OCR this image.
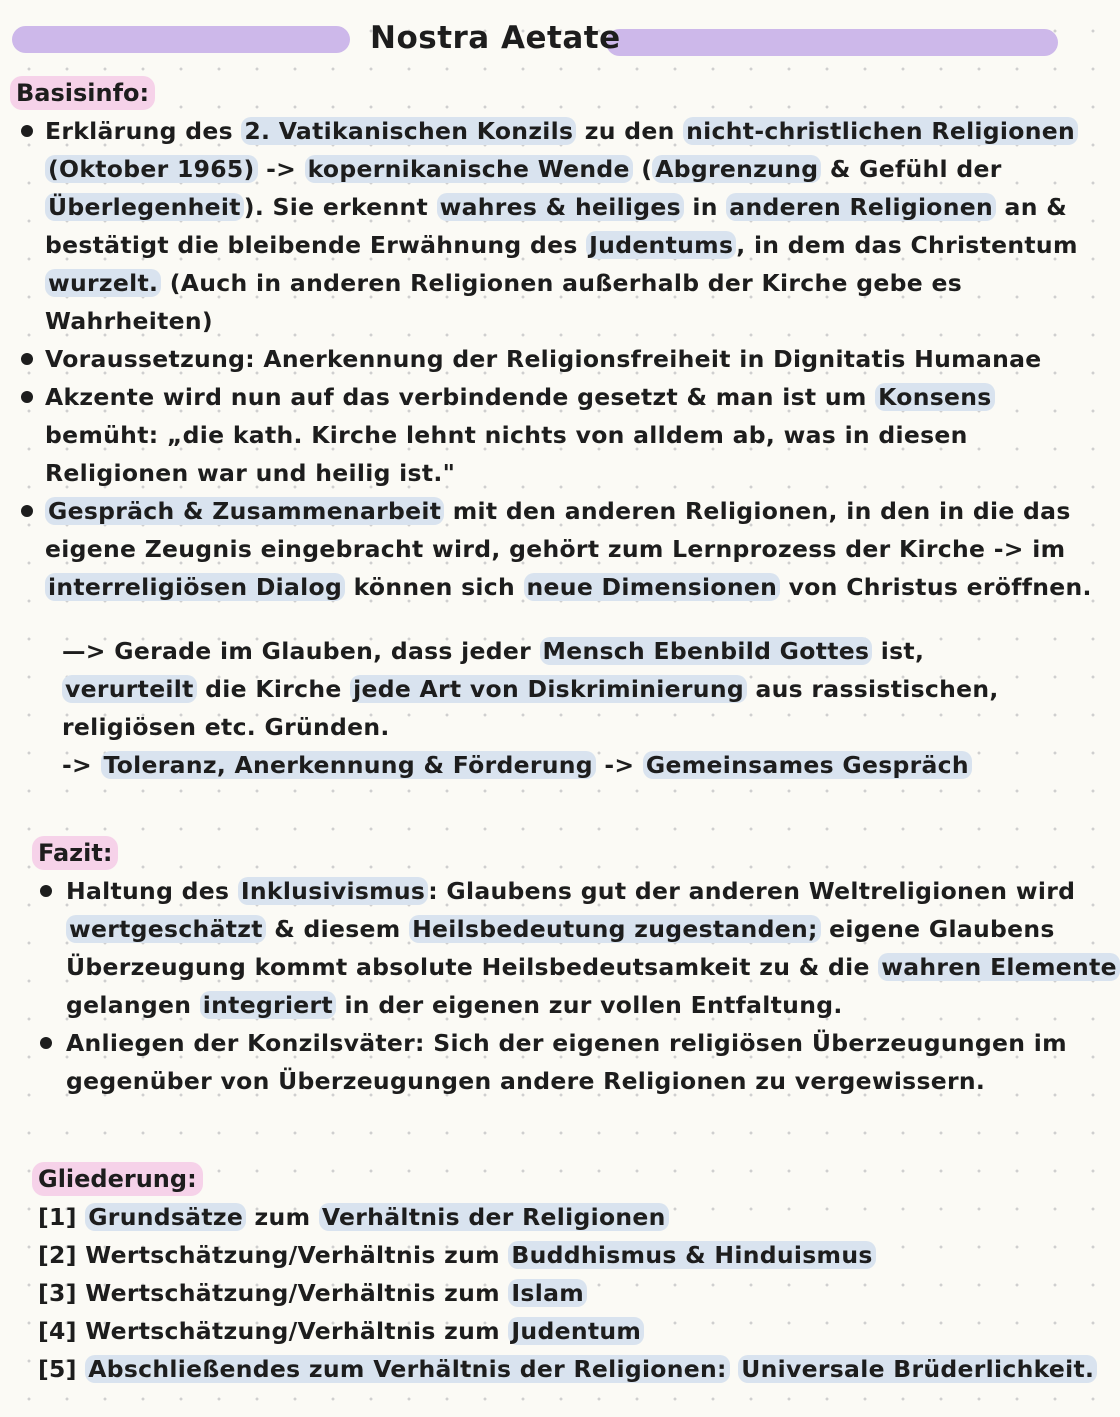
Nostra Aetate
Basisinfo:
Erklärung des 2. Vatikanischen Konzils zu den nicht-christlichen Religionen
(Oktober 1965) -> kopernikanische Wende ( Abgrenzung & Gefühl der
Überlegenheit ). Sie erkennt wahres & heiliges in anderen Religionen an &
bestätigt die bleibende Erwähnung des Judentums , in dem das Christentum
wurzelt. (Auch in anderen Religionen außerhalb der Kirche gebe es
Wahrheiten)
Voraussetzung: Anerkennung der Religionsfreiheit in Dignitatis Humanae
Akzente wird nun auf das verbindende gesetzt & man ist um Konsens
bemüht: „die kath. Kirche lehnt nichts von alldem ab, was in diesen
Religionen war und heilig ist."
Gespräch & Zusammenarbeit mit den anderen Religionen, in den in die das
eigene Zeugnis eingebracht wird, gehört zum Lernprozess der Kirche -> im
interreligiösen Dialog können sich neue Dimensionen von Christus eröffnen.
—> Gerade im Glauben, dass jeder Mensch Ebenbild Gottes ist,
verurteilt die Kirche jede Art von Diskriminierung aus rassistischen,
religiösen etc. Gründen.
-> Toleranz, Anerkennung & Förderung -> Gemeinsames Gespräch
Fazit:
Haltung des Inklusivismus : Glaubens gut der anderen Weltreligionen wird
wertgeschätzt & diesem Heilsbedeutung zugestanden; eigene Glaubens
Überzeugung kommt absolute Heilsbedeutsamkeit zu & die wahren Elemente
gelangen integriert in der eigenen zur vollen Entfaltung.
Anliegen der Konzilsväter: Sich der eigenen religiösen Überzeugungen im
gegenüber von Überzeugungen andere Religionen zu vergewissern.
Gliederung:
[1] Grundsätze zum Verhältnis der Religionen
[2] Wertschätzung/Verhältnis zum Buddhismus & Hinduismus
[3] Wertschätzung/Verhältnis zum Islam
[4] Wertschätzung/Verhältnis zum Judentum
[5] Abschließendes zum Verhältnis der Religionen: Universale Brüderlichkeit.
